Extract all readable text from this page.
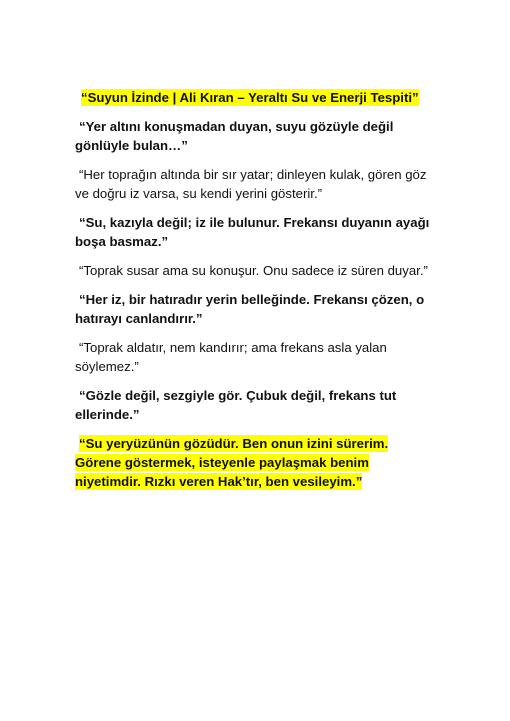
“Suyun İzinde | Ali Kıran – Yeraltı Su ve Enerji Tespiti”

“Yer altını konuşmadan duyan, suyu gözüyle değil gönlüyle bulan…”

“Her toprağın altında bir sır yatar; dinleyen kulak, gören göz ve doğru iz varsa, su kendi yerini gösterir.”

“Su, kazıyla değil; iz ile bulunur. Frekansı duyanın ayağı boşa basmaz.”

“Toprak susar ama su konuşur. Onu sadece iz süren duyar.”

“Her iz, bir hatıradır yerin belleğinde. Frekansı çözen, o hatırayı canlandırır.”

“Toprak aldatır, nem kandırır; ama frekans asla yalan söylemez.”

“Gözle değil, sezgiyle gör. Çubuk değil, frekans tut ellerinde.”

“Su yeryüzünün gözüdür. Ben onun izini sürerim. Görene göstermek, isteyenle paylaşmak benim niyetimdir. Rızkı veren Hak’tır, ben vesileyim.”
